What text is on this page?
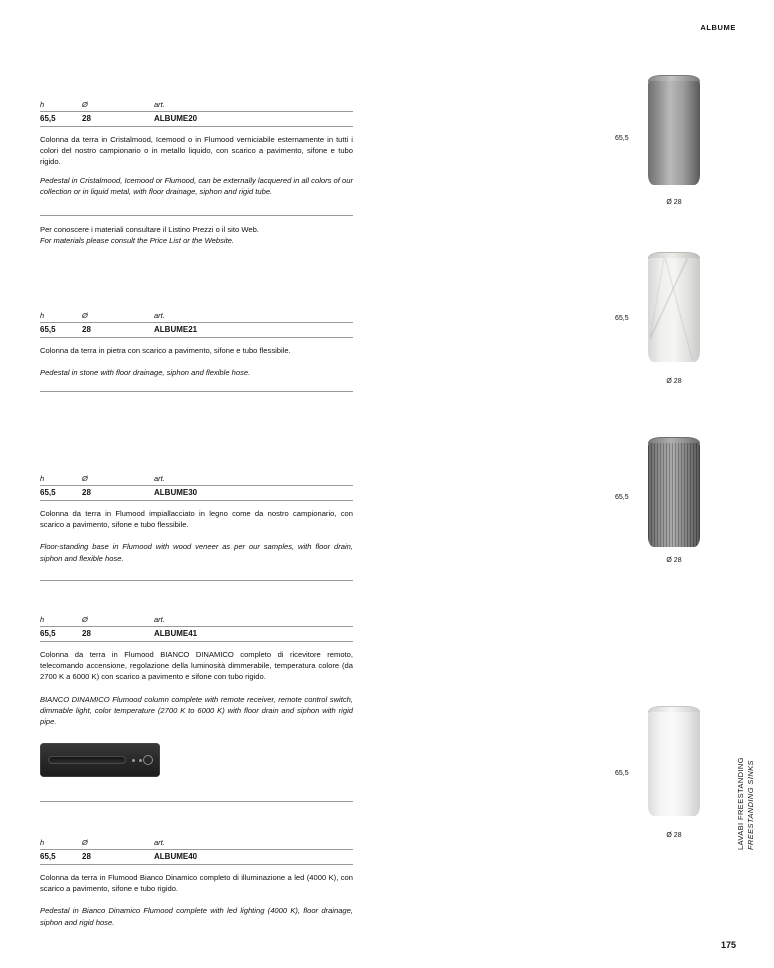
ALBUME
h	Ø	art.
65,5	28	ALBUME20
Colonna da terra in Cristalmood, Icemood o in Flumood verniciabile esternamente in tutti i colori del nostro campionario o in metallo liquido, con scarico a pavimento, sifone e tubo rigido.
Pedestal in Cristalmood, Icemood or Flumood, can be externally lacquered in all colors of our collection or in liquid metal, with floor drainage, siphon and rigid tube.
Per conoscere i materiali consultare il Listino Prezzi o il sito Web.
For materials please consult the Price List or the Website.
h	Ø	art.
65,5	28	ALBUME21
Colonna da terra in pietra con scarico a pavimento, sifone e tubo flessibile.
Pedestal in stone with floor drainage, siphon and flexible hose.
h	Ø	art.
65,5	28	ALBUME30
Colonna da terra in Flumood impiallacciato in legno come da nostro campionario, con scarico a pavimento, sifone e tubo flessibile.
Floor-standing base in Flumood with wood veneer as per our samples, with floor drain, siphon and flexible hose.
h	Ø	art.
65,5	28	ALBUME41
Colonna da terra in Flumood BIANCO DINAMICO completo di ricevitore remoto, telecomando accensione, regolazione della luminosità dimmerabile, temperatura colore (da 2700 K a 6000 K) con scarico a pavimento e sifone con tubo rigido.
BIANCO DINAMICO Flumood column complete with remote receiver, remote control switch, dimmable light, color temperature (2700 K to 6000 K) with floor drain and siphon with rigid pipe.
h	Ø	art.
65,5	28	ALBUME40
Colonna da terra in Flumood Bianco Dinamico completo di illuminazione a led (4000 K), con scarico a pavimento, sifone e tubo rigido.
Pedestal in Bianco Dinamico Flumood complete with led lighting (4000 K), floor drainage, siphon and rigid hose.
65,5
Ø 28
65,5
Ø 28
65,5
Ø 28
65,5
Ø 28	LAVABI FREESTANDING
FREESTANDING SINKS
175
